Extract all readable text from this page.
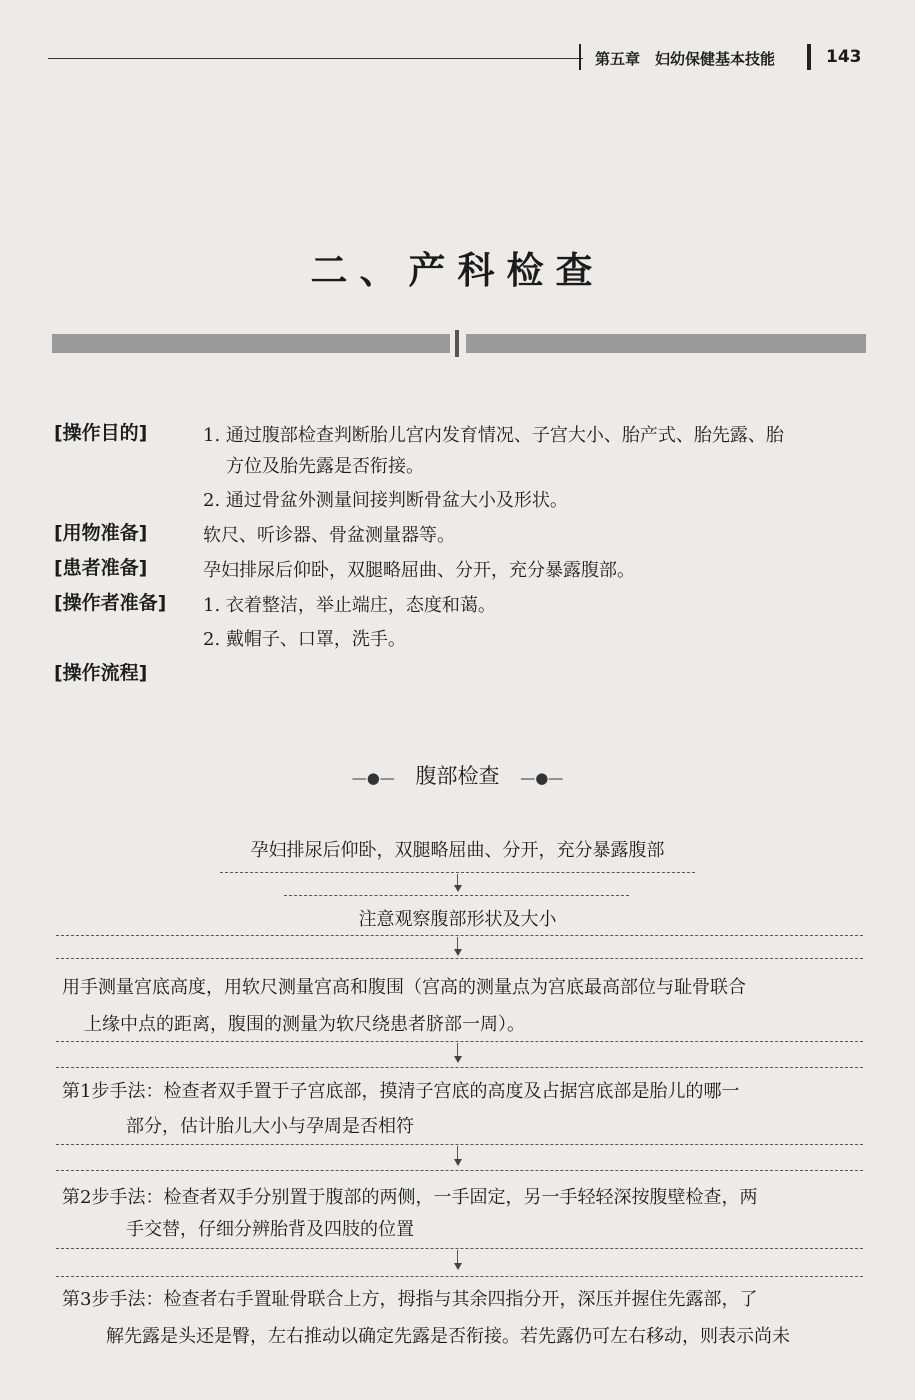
第五章　妇幼保健基本技能	143
二、产科检查
[操作目的]	1. 通过腹部检查判断胎儿宫内发育情况、子宫大小、胎产式、胎先露、胎
方位及胎先露是否衔接。
2. 通过骨盆外测量间接判断骨盆大小及形状。
[用物准备]	软尺、听诊器、骨盆测量器等。
[患者准备]	孕妇排尿后仰卧，双腿略屈曲、分开，充分暴露腹部。
[操作者准备] 1. 衣着整洁，举止端庄，态度和蔼。
2. 戴帽子、口罩，洗手。
[操作流程]
—●— 腹部检查 —●—
孕妇排尿后仰卧，双腿略屈曲、分开，充分暴露腹部
注意观察腹部形状及大小
用手测量宫底高度，用软尺测量宫高和腹围（宫高的测量点为宫底最高部位与耻骨联合
上缘中点的距离，腹围的测量为软尺绕患者脐部一周）。
第1步手法：检查者双手置于子宫底部，摸清子宫底的高度及占据宫底部是胎儿的哪一
部分，估计胎儿大小与孕周是否相符
第2步手法：检查者双手分别置于腹部的两侧，一手固定，另一手轻轻深按腹壁检查，两
手交替，仔细分辨胎背及四肢的位置
第3步手法：检查者右手置耻骨联合上方，拇指与其余四指分开，深压并握住先露部，了
解先露是头还是臀，左右推动以确定先露是否衔接。若先露仍可左右移动，则表示尚未
